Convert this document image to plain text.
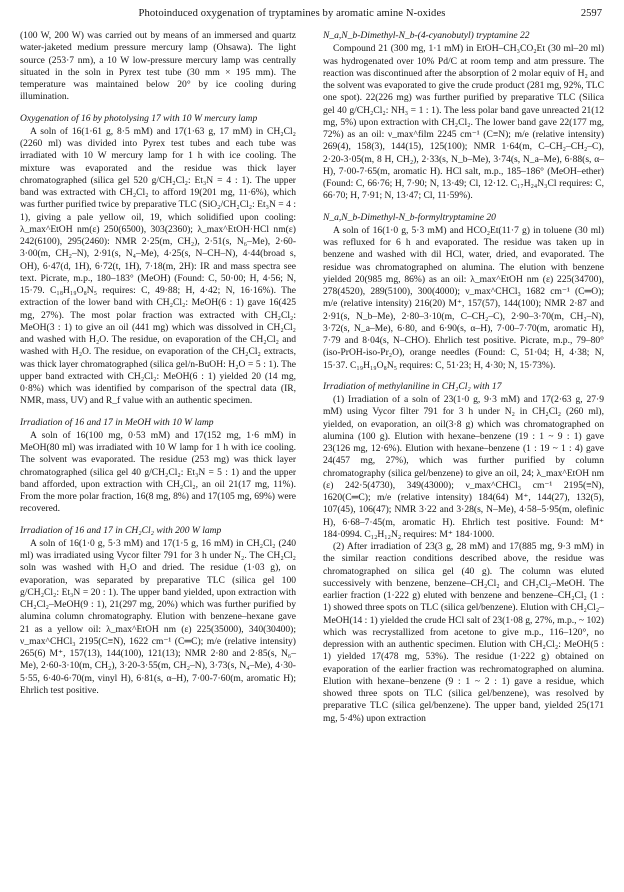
Photoinduced oxygenation of tryptamines by aromatic amine N-oxides	2597

(100 W, 200 W) was carried out by means of an immersed and quartz water-jaketed medium pressure mercury lamp (Ohsawa). The light source (253·7 nm), a 10 W low-pressure mercury lamp was centrally situated in the soln in Pyrex test tube (30 mm × 195 mm). The temperature was maintained below 20° by ice cooling during illumination.

Oxygenation of 16 by photolysing 17 with 10 W mercury lamp

A soln of 16(1·61 g, 8·5 mM) and 17(1·63 g, 17 mM) in CH₂Cl₂ (2260 ml) was divided into Pyrex test tubes and each tube was irradiated with 10 W mercury lamp for 1 h with ice cooling. The mixture was evaporated and the residue was thick layer chromatographed (silica gel 520 g/CH₂Cl₂: Et₃N = 4 : 1). The upper band was extracted with CH₂Cl₂ to afford 19(201 mg, 11·6%), which was further purified twice by preparative TLC (SiO₂/CH₂Cl₂: Et₃N = 4 : 1), giving a pale yellow oil, 19, which solidified upon cooling: λ_max^EtOH nm(ε) 250(6500), 303(2360); λ_max^EtOH·HCl nm(ε) 242(6100), 295(2460): NMR 2·25(m, CH₂), 2·51(s, N₆–Me), 2·60-3·00(m, CH₂–N), 2·91(s, N₄–Me), 4·25(s, N–CH–N), 4·44(broad s, OH), 6·47(d, 1H), 6·72(t, 1H), 7·18(m, 2H): IR and mass spectra see text. Picrate, m.p., 180–183° (MeOH) (Found: C, 50·00; H, 4·56; N, 15·79. C₁₈H₁₉O₈N₅ requires: C, 49·88; H, 4·42; N, 16·16%). The extraction of the lower band with CH₂Cl₂: MeOH(6 : 1) gave 16(425 mg, 27%). The most polar fraction was extracted with CH₂Cl₂: MeOH(3 : 1) to give an oil (441 mg) which was dissolved in CH₂Cl₂ and washed with H₂O. The residue, on evaporation of the CH₂Cl₂ and washed with H₂O. The residue, on evaporation of the CH₂Cl₂ extracts, was thick layer chromatographed (silica gel/n-BuOH: H₂O = 5 : 1). The upper band extracted with CH₂Cl₂: MeOH(6 : 1) yielded 20 (14 mg, 0·8%) which was identified by comparison of the spectral data (IR, NMR, mass, UV) and R_f value with an authentic specimen.

Irradiation of 16 and 17 in MeOH with 10 W lamp

A soln of 16(100 mg, 0·53 mM) and 17(152 mg, 1·6 mM) in MeOH(80 ml) was irradiated with 10 W lamp for 1 h with ice cooling. The solvent was evaporated. The residue (253 mg) was thick layer chromatographed (silica gel 40 g/CH₂Cl₂: Et₃N = 5 : 1) and the upper band afforded, upon extraction with CH₂Cl₂, an oil 21(17 mg, 11%). From the more polar fraction, 16(8 mg, 8%) and 17(105 mg, 69%) were recovered.

Irradiation of 16 and 17 in CH₂Cl₂ with 200 W lamp

A soln of 16(1·0 g, 5·3 mM) and 17(1·5 g, 16 mM) in CH₂Cl₂ (240 ml) was irradiated using Vycor filter 791 for 3 h under N₂. The CH₂Cl₂ soln was washed with H₂O and dried. The residue (1·03 g), on evaporation, was separated by preparative TLC (silica gel 100 g/CH₂Cl₂: Et₃N = 20 : 1). The upper band yielded, upon extraction with CH₂Cl₂–MeOH(9 : 1), 21(297 mg, 20%) which was further purified by alumina column chromatography. Elution with benzene–hexane gave 21 as a yellow oil: λ_max^EtOH nm (ε) 225(35000), 340(30400); ν_max^CHCl₃ 2195(C≡N), 1622 cm⁻¹ (C═C); m/e (relative intensity) 265(6) M⁺, 157(13), 144(100), 121(13); NMR 2·80 and 2·85(s, N₆–Me), 2·60-3·10(m, CH₂), 3·20-3·55(m, CH₂–N), 3·73(s, N₄–Me), 4·30-5·55, 6·40-6·70(m, vinyl H), 6·81(s, α–H), 7·00-7·60(m, aromatic H); Ehrlich test positive.

N_a,N_b-Dimethyl-N_b-(4-cyanobutyl) tryptamine 22

Compound 21 (300 mg, 1·1 mM) in EtOH–CH₃CO₂Et (30 ml–20 ml) was hydrogenated over 10% Pd/C at room temp and atm pressure. The reaction was discontinued after the absorption of 2 molar equiv of H₂ and the solvent was evaporated to give the crude product (281 mg, 92%, TLC one spot). 22(226 mg) was further purified by preparative TLC (Silica gel 40 g/CH₂Cl₂: NH₃ = 1 : 1). The less polar band gave unreacted 21(12 mg, 5%) upon extraction with CH₂Cl₂. The lower band gave 22(177 mg, 72%) as an oil: ν_max^film 2245 cm⁻¹ (C≡N); m/e (relative intensity) 269(4), 158(3), 144(15), 125(100); NMR 1·64(m, C–CH₂–CH₂–C), 2·20-3·05(m, 8 H, CH₂), 2·33(s, N_b–Me), 3·74(s, N_a–Me), 6·88(s, α–H), 7·00-7·65(m, aromatic H). HCl salt, m.p., 185–186° (MeOH–ether) (Found: C, 66·76; H, 7·90; N, 13·49; Cl, 12·12. C₁₇H₂₄N₃Cl requires: C, 66·70; H, 7·91; N, 13·47; Cl, 11·59%).

N_a,N_b-Dimethyl-N_b-formyltryptamine 20

A soln of 16(1·0 g, 5·3 mM) and HCO₂Et(11·7 g) in toluene (30 ml) was refluxed for 6 h and evaporated. The residue was taken up in benzene and washed with dil HCl, water, dried, and evaporated. The residue was chromatographed on alumina. The elution with benzene yielded 20(985 mg, 86%) as an oil: λ_max^EtOH nm (ε) 225(34700), 278(4520), 289(5100), 300(4000); ν_max^CHCl₃ 1682 cm⁻¹ (C═O); m/e (relative intensity) 216(20) M⁺, 157(57), 144(100); NMR 2·87 and 2·91(s, N_b–Me), 2·80–3·10(m, C–CH₂–C), 2·90–3·70(m, CH₂–N), 3·72(s, N_a–Me), 6·80, and 6·90(s, α–H), 7·00–7·70(m, aromatic H), 7·79 and 8·04(s, N–CHO). Ehrlich test positive. Picrate, m.p., 79–80° (iso-PrOH-iso-Pr₂O), orange needles (Found: C, 51·04; H, 4·38; N, 15·37. C₁₉H₁₉O₈N₅ requires: C, 51·23; H, 4·30; N, 15·73%).

Irradiation of methylaniline in CH₂Cl₂ with 17

(1) Irradiation of a soln of 23(1·0 g, 9·3 mM) and 17(2·63 g, 27·9 mM) using Vycor filter 791 for 3 h under N₂ in CH₂Cl₂ (260 ml), yielded, on evaporation, an oil(3·8 g) which was chromatographed on alumina (100 g). Elution with hexane–benzene (19 : 1 ~ 9 : 1) gave 23(126 mg, 12·6%). Elution with hexane–benzene (1 : 19 ~ 1 : 4) gave 24(457 mg, 27%), which was further purified by column chromatography (silica gel/benzene) to give an oil, 24; λ_max^EtOH nm (ε) 242·5(4730), 349(43000); ν_max^CHCl₃ cm⁻¹ 2195(≡N), 1620(C═C); m/e (relative intensity) 184(64) M⁺, 144(27), 132(5), 107(45), 106(47); NMR 3·22 and 3·28(s, N–Me), 4·58–5·95(m, olefinic H), 6·68–7·45(m, aromatic H). Ehrlich test positive. Found: M⁺ 184·0994. C₁₂H₁₂N₂ requires: M⁺ 184·1000.

(2) After irradiation of 23(3 g, 28 mM) and 17(885 mg, 9·3 mM) in the similar reaction conditions described above, the residue was chromatographed on silica gel (40 g). The column was eluted successively with benzene, benzene–CH₂Cl₂ and CH₂Cl₂–MeOH. The earlier fraction (1·222 g) eluted with benzene and benzene–CH₂Cl₂ (1 : 1) showed three spots on TLC (silica gel/benzene). Elution with CH₂Cl₂–MeOH(14 : 1) yielded the crude HCl salt of 23(1·08 g, 27%, m.p., ~ 102) which was recrystallized from acetone to give m.p., 116–120°, no depression with an authentic specimen. Elution with CH₂Cl₂: MeOH(5 : 1) yielded 17(478 mg, 53%). The residue (1·222 g) obtained on evaporation of the earlier fraction was rechromatographed on alumina. Elution with hexane–benzene (9 : 1 ~ 2 : 1) gave a residue, which showed three spots on TLC (silica gel/benzene), was resolved by preparative TLC (silica gel/benzene). The upper band, yielded 25(171 mg, 5·4%) upon extraction
